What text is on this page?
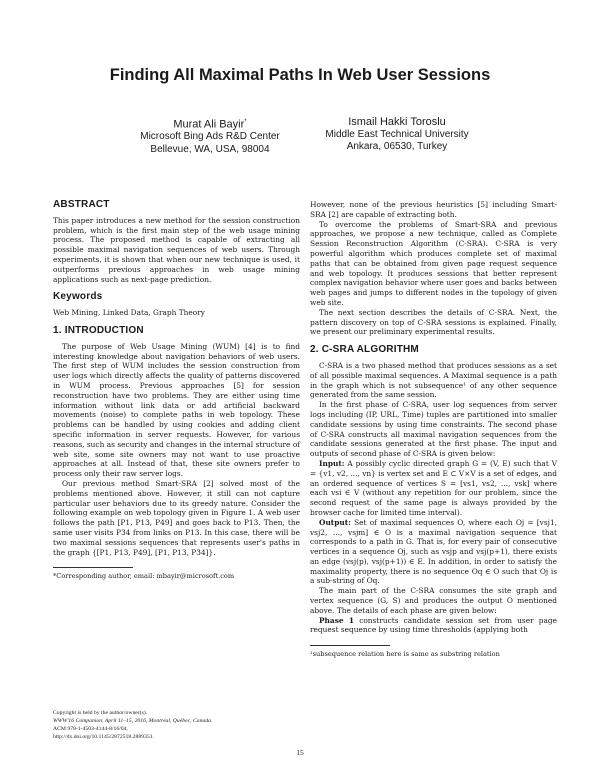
Finding All Maximal Paths In Web User Sessions
Murat Ali Bayir*
Microsoft Bing Ads R&D Center
Bellevue, WA, USA, 98004
Ismail Hakki Toroslu
Middle East Technical University
Ankara, 06530, Turkey
ABSTRACT

This paper introduces a new method for the session construction problem, which is the first main step of the web usage mining process. The proposed method is capable of extracting all possible maximal navigation sequences of web users. Through experiments, it is shown that when our new technique is used, it outperforms previous approaches in web usage mining applications such as next-page prediction.

Keywords

Web Mining, Linked Data, Graph Theory

1. INTRODUCTION

The purpose of Web Usage Mining (WUM) [4] is to find interesting knowledge about navigation behaviors of web users. The first step of WUM includes the session construction from user logs which directly affects the quality of patterns discovered in WUM process. Previous approaches [5] for session reconstruction have two problems. They are either using time information without link data or add artificial backward movements (noise) to complete paths in web topology. These problems can be handled by using cookies and adding client specific information in server requests. However, for various reasons, such as security and changes in the internal structure of web site, some site owners may not want to use proactive approaches at all. Instead of that, these site owners prefer to process only their raw server logs.

Our previous method Smart-SRA [2] solved most of the problems mentioned above. However, it still can not capture particular user behaviors due to its greedy nature. Consider the following example on web topology given in Figure 1. A web user follows the path [P1, P13, P49] and goes back to P13. Then, the same user visits P34 from links on P13. In this case, there will be two maximal sessions sequences that represents user's paths in the graph {[P1, P13, P49], [P1, P13, P34]}.

*Corresponding author, email: mbayir@microsoft.com

Copyright is held by the author/owner(s).
WWW'16 Companion, April 11–15, 2016, Montréal, Québec, Canada.
ACM 978-1-4503-4144-8/16/04.
http://dx.doi.org/10.1145/2872518.2889351.

However, none of the previous heuristics [5] including Smart-SRA [2] are capable of extracting both.

To overcome the problems of Smart-SRA and previous approaches, we propose a new technique, called as Complete Session Reconstruction Algorithm (C-SRA). C-SRA is very powerful algorithm which produces complete set of maximal paths that can be obtained from given page request sequence and web topology. It produces sessions that better represent complex navigation behavior where user goes and backs between web pages and jumps to different nodes in the topology of given web site.

The next section describes the details of C-SRA. Next, the pattern discovery on top of C-SRA sessions is explained. Finally, we present our preliminary experimental results.

2. C-SRA ALGORITHM

C-SRA is a two phased method that produces sessions as a set of all possible maximal sequences. A Maximal sequence is a path in the graph which is not subsequence¹ of any other sequence generated from the same session.

In the first phase of C-SRA, user log sequences from server logs including (IP, URL, Time) tuples are partitioned into smaller candidate sessions by using time constraints. The second phase of C-SRA constructs all maximal navigation sequences from the candidate sessions generated at the first phase. The input and outputs of second phase of C-SRA is given below:

Input: A possibly cyclic directed graph G = (V, E) such that V = {v1, v2, ..., vn} is vertex set and E ⊂ V×V is a set of edges, and an ordered sequence of vertices S = [vs1, vs2, ..., vsk] where each vsi ∈ V (without any repetition for our problem, since the second request of the same page is always provided by the browser cache for limited time interval).

Output: Set of maximal sequences O, where each Oj = [vsj1, vsj2, ..., vsjm] ∈ O is a maximal navigation sequence that corresponds to a path in G. That is, for every pair of consecutive vertices in a sequence Oj, such as vsjp and vsj(p+1), there exists an edge (vsj(p), vsj(p+1)) ∈ E. In addition, in order to satisfy the maximality property, there is no sequence Oq ∈ O such that Oj is a sub-string of Oq.

The main part of the C-SRA consumes the site graph and vertex sequence (G, S) and produces the output O mentioned above. The details of each phase are given below:

Phase 1 constructs candidate session set from user page request sequence by using time thresholds (applying both

¹subsequence relation here is same as substring relation

15
